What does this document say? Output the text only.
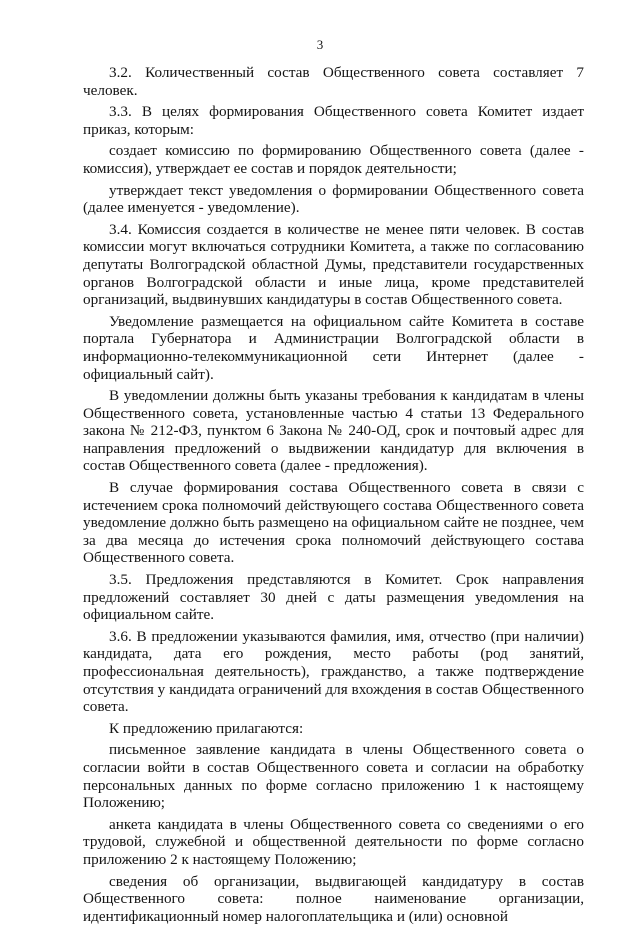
3

3.2. Количественный состав Общественного совета составляет 7 человек.

3.3. В целях формирования Общественного совета Комитет издает приказ, которым:

создает комиссию по формированию Общественного совета (далее - комиссия), утверждает ее состав и порядок деятельности;

утверждает текст уведомления о формировании Общественного совета (далее именуется - уведомление).

3.4. Комиссия создается в количестве не менее пяти человек. В состав комиссии могут включаться сотрудники Комитета, а также по согласованию депутаты Волгоградской областной Думы, представители государственных органов Волгоградской области и иные лица, кроме представителей организаций, выдвинувших кандидатуры в состав Общественного совета.

Уведомление размещается на официальном сайте Комитета в составе портала Губернатора и Администрации Волгоградской области в информационно-телекоммуникационной сети Интернет (далее - официальный сайт).

В уведомлении должны быть указаны требования к кандидатам в члены Общественного совета, установленные частью 4 статьи 13 Федерального закона № 212-ФЗ, пунктом 6 Закона № 240-ОД, срок и почтовый адрес для направления предложений о выдвижении кандидатур для включения в состав Общественного совета (далее - предложения).

В случае формирования состава Общественного совета в связи с истечением срока полномочий действующего состава Общественного совета уведомление должно быть размещено на официальном сайте не позднее, чем за два месяца до истечения срока полномочий действующего состава Общественного совета.

3.5. Предложения представляются в Комитет. Срок направления предложений составляет 30 дней с даты размещения уведомления на официальном сайте.

3.6. В предложении указываются фамилия, имя, отчество (при наличии) кандидата, дата его рождения, место работы (род занятий, профессиональная деятельность), гражданство, а также подтверждение отсутствия у кандидата ограничений для вхождения в состав Общественного совета.

К предложению прилагаются:

письменное заявление кандидата в члены Общественного совета о согласии войти в состав Общественного совета и согласии на обработку персональных данных по форме согласно приложению 1 к настоящему Положению;

анкета кандидата в члены Общественного совета со сведениями о его трудовой, служебной и общественной деятельности по форме согласно приложению 2 к настоящему Положению;

сведения об организации, выдвигающей кандидатуру в состав Общественного совета: полное наименование организации, идентификационный номер налогоплательщика и (или) основной
